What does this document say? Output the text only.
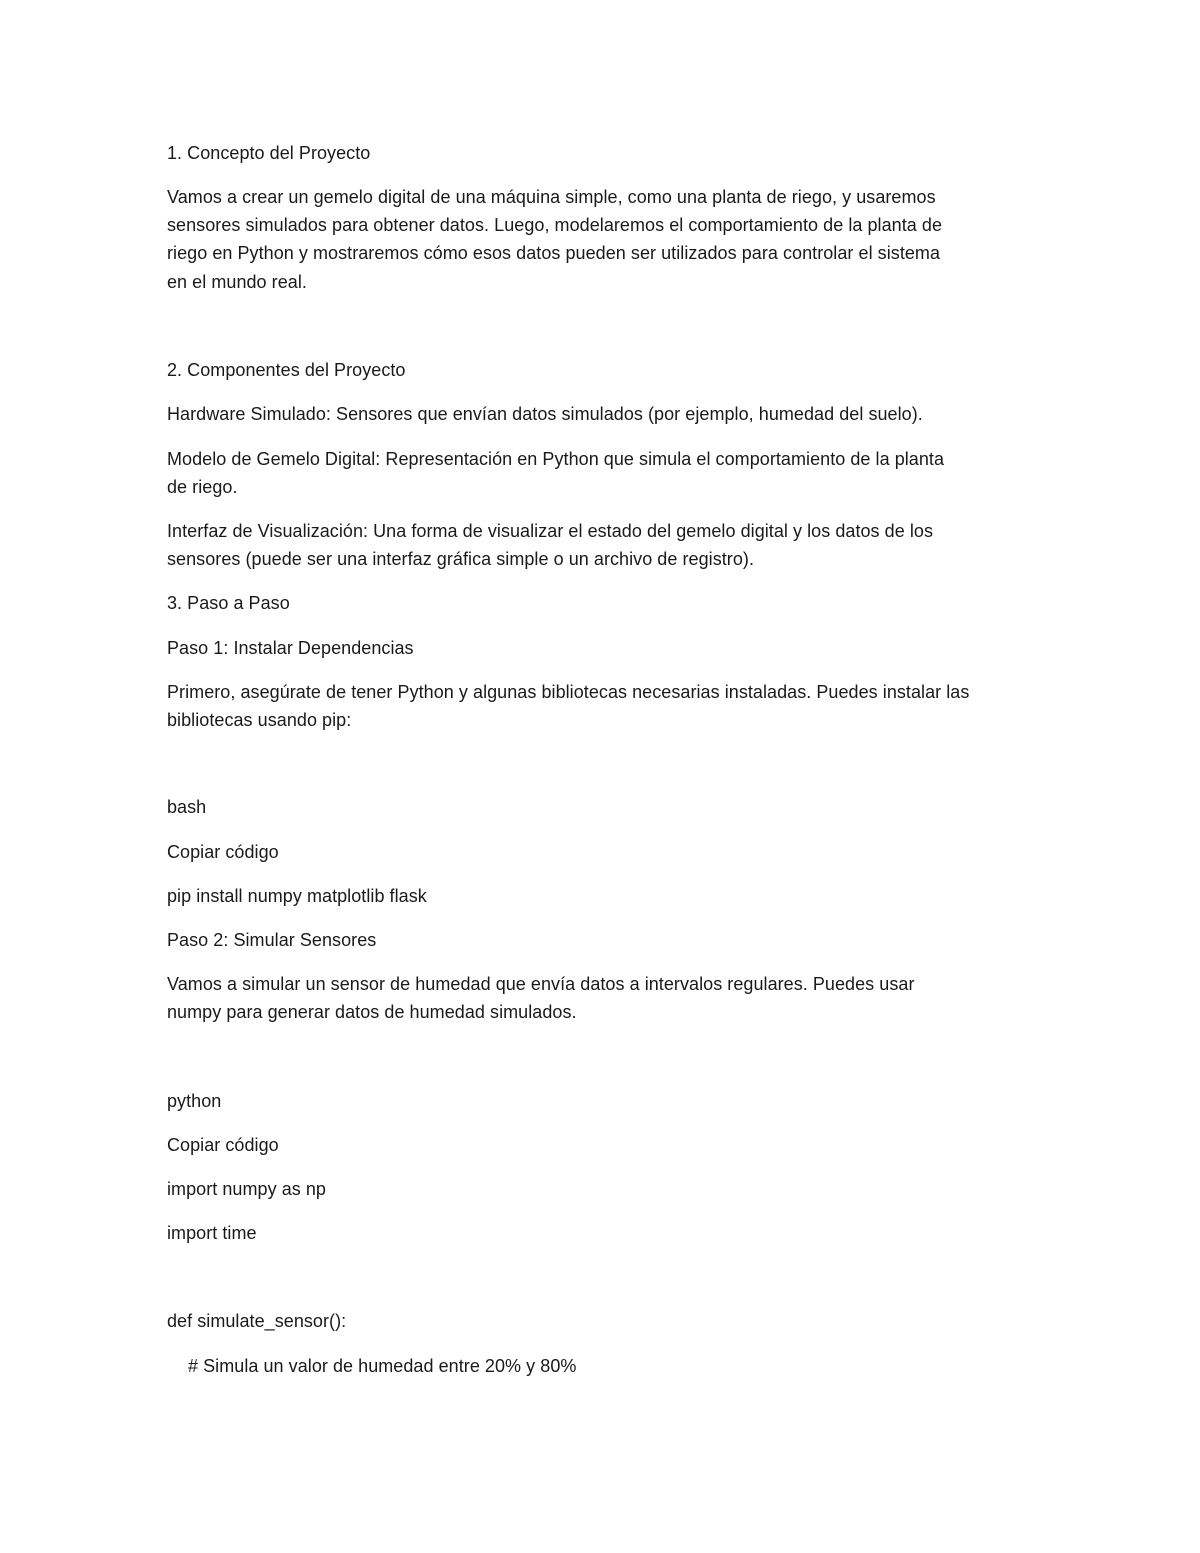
1. Concepto del Proyecto
Vamos a crear un gemelo digital de una máquina simple, como una planta de riego, y usaremos
sensores simulados para obtener datos. Luego, modelaremos el comportamiento de la planta de
riego en Python y mostraremos cómo esos datos pueden ser utilizados para controlar el sistema
en el mundo real.
2. Componentes del Proyecto
Hardware Simulado: Sensores que envían datos simulados (por ejemplo, humedad del suelo).
Modelo de Gemelo Digital: Representación en Python que simula el comportamiento de la planta
de riego.
Interfaz de Visualización: Una forma de visualizar el estado del gemelo digital y los datos de los
sensores (puede ser una interfaz gráfica simple o un archivo de registro).
3. Paso a Paso
Paso 1: Instalar Dependencias
Primero, asegúrate de tener Python y algunas bibliotecas necesarias instaladas. Puedes instalar las
bibliotecas usando pip:
bash
Copiar código
pip install numpy matplotlib flask
Paso 2: Simular Sensores
Vamos a simular un sensor de humedad que envía datos a intervalos regulares. Puedes usar
numpy para generar datos de humedad simulados.
python
Copiar código
import numpy as np
import time
def simulate_sensor():
# Simula un valor de humedad entre 20% y 80%
